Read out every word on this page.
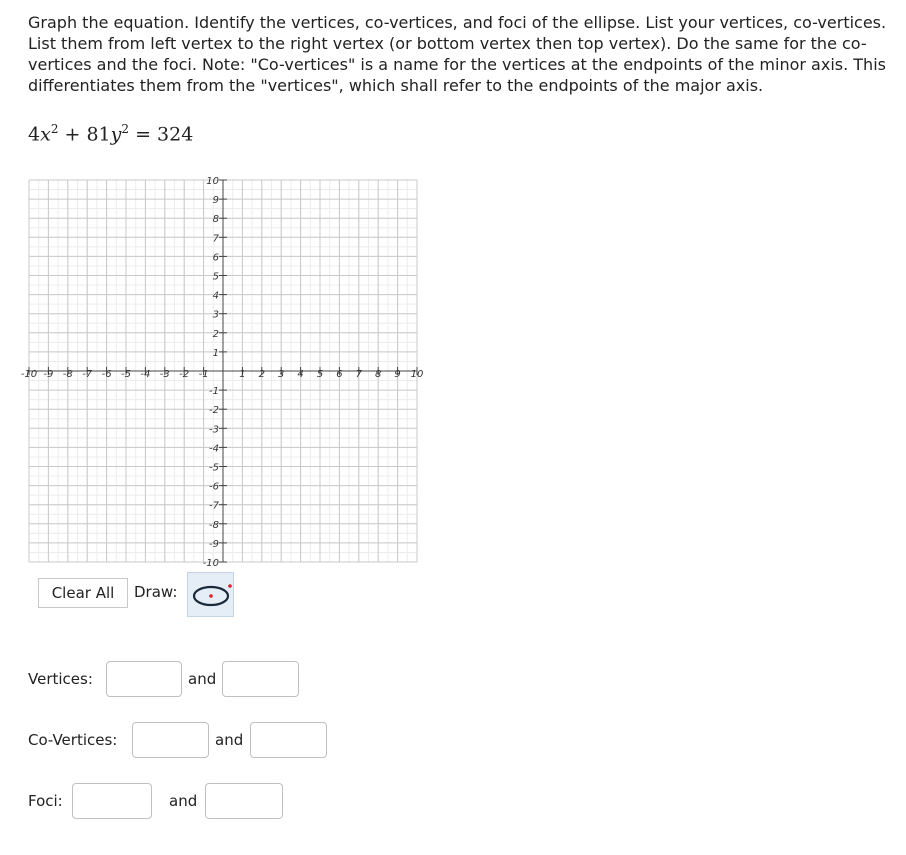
Graph the equation. Identify the vertices, co-vertices, and foci of the ellipse. List your vertices, co-vertices. List them from left vertex to the right vertex (or bottom vertex then top vertex). Do the same for the co-vertices and the foci. Note: "Co-vertices" is a name for the vertices at the endpoints of the minor axis. This differentiates them from the "vertices", which shall refer to the endpoints of the major axis.

$4x^2 + 81y^2 = 324$
-10 -9 -8 -7 -6 -5 -4 -3 -2 -1	1 2 3 4 5 6 7 8 9 10
10
9
8
7
6
5
4
3
2
1
-1
-2
-3
-4
-5
-6
-7
-8
-9
-10
Clear All	Draw:
Vertices:	and
Co-Vertices:	and
Foci:	and
